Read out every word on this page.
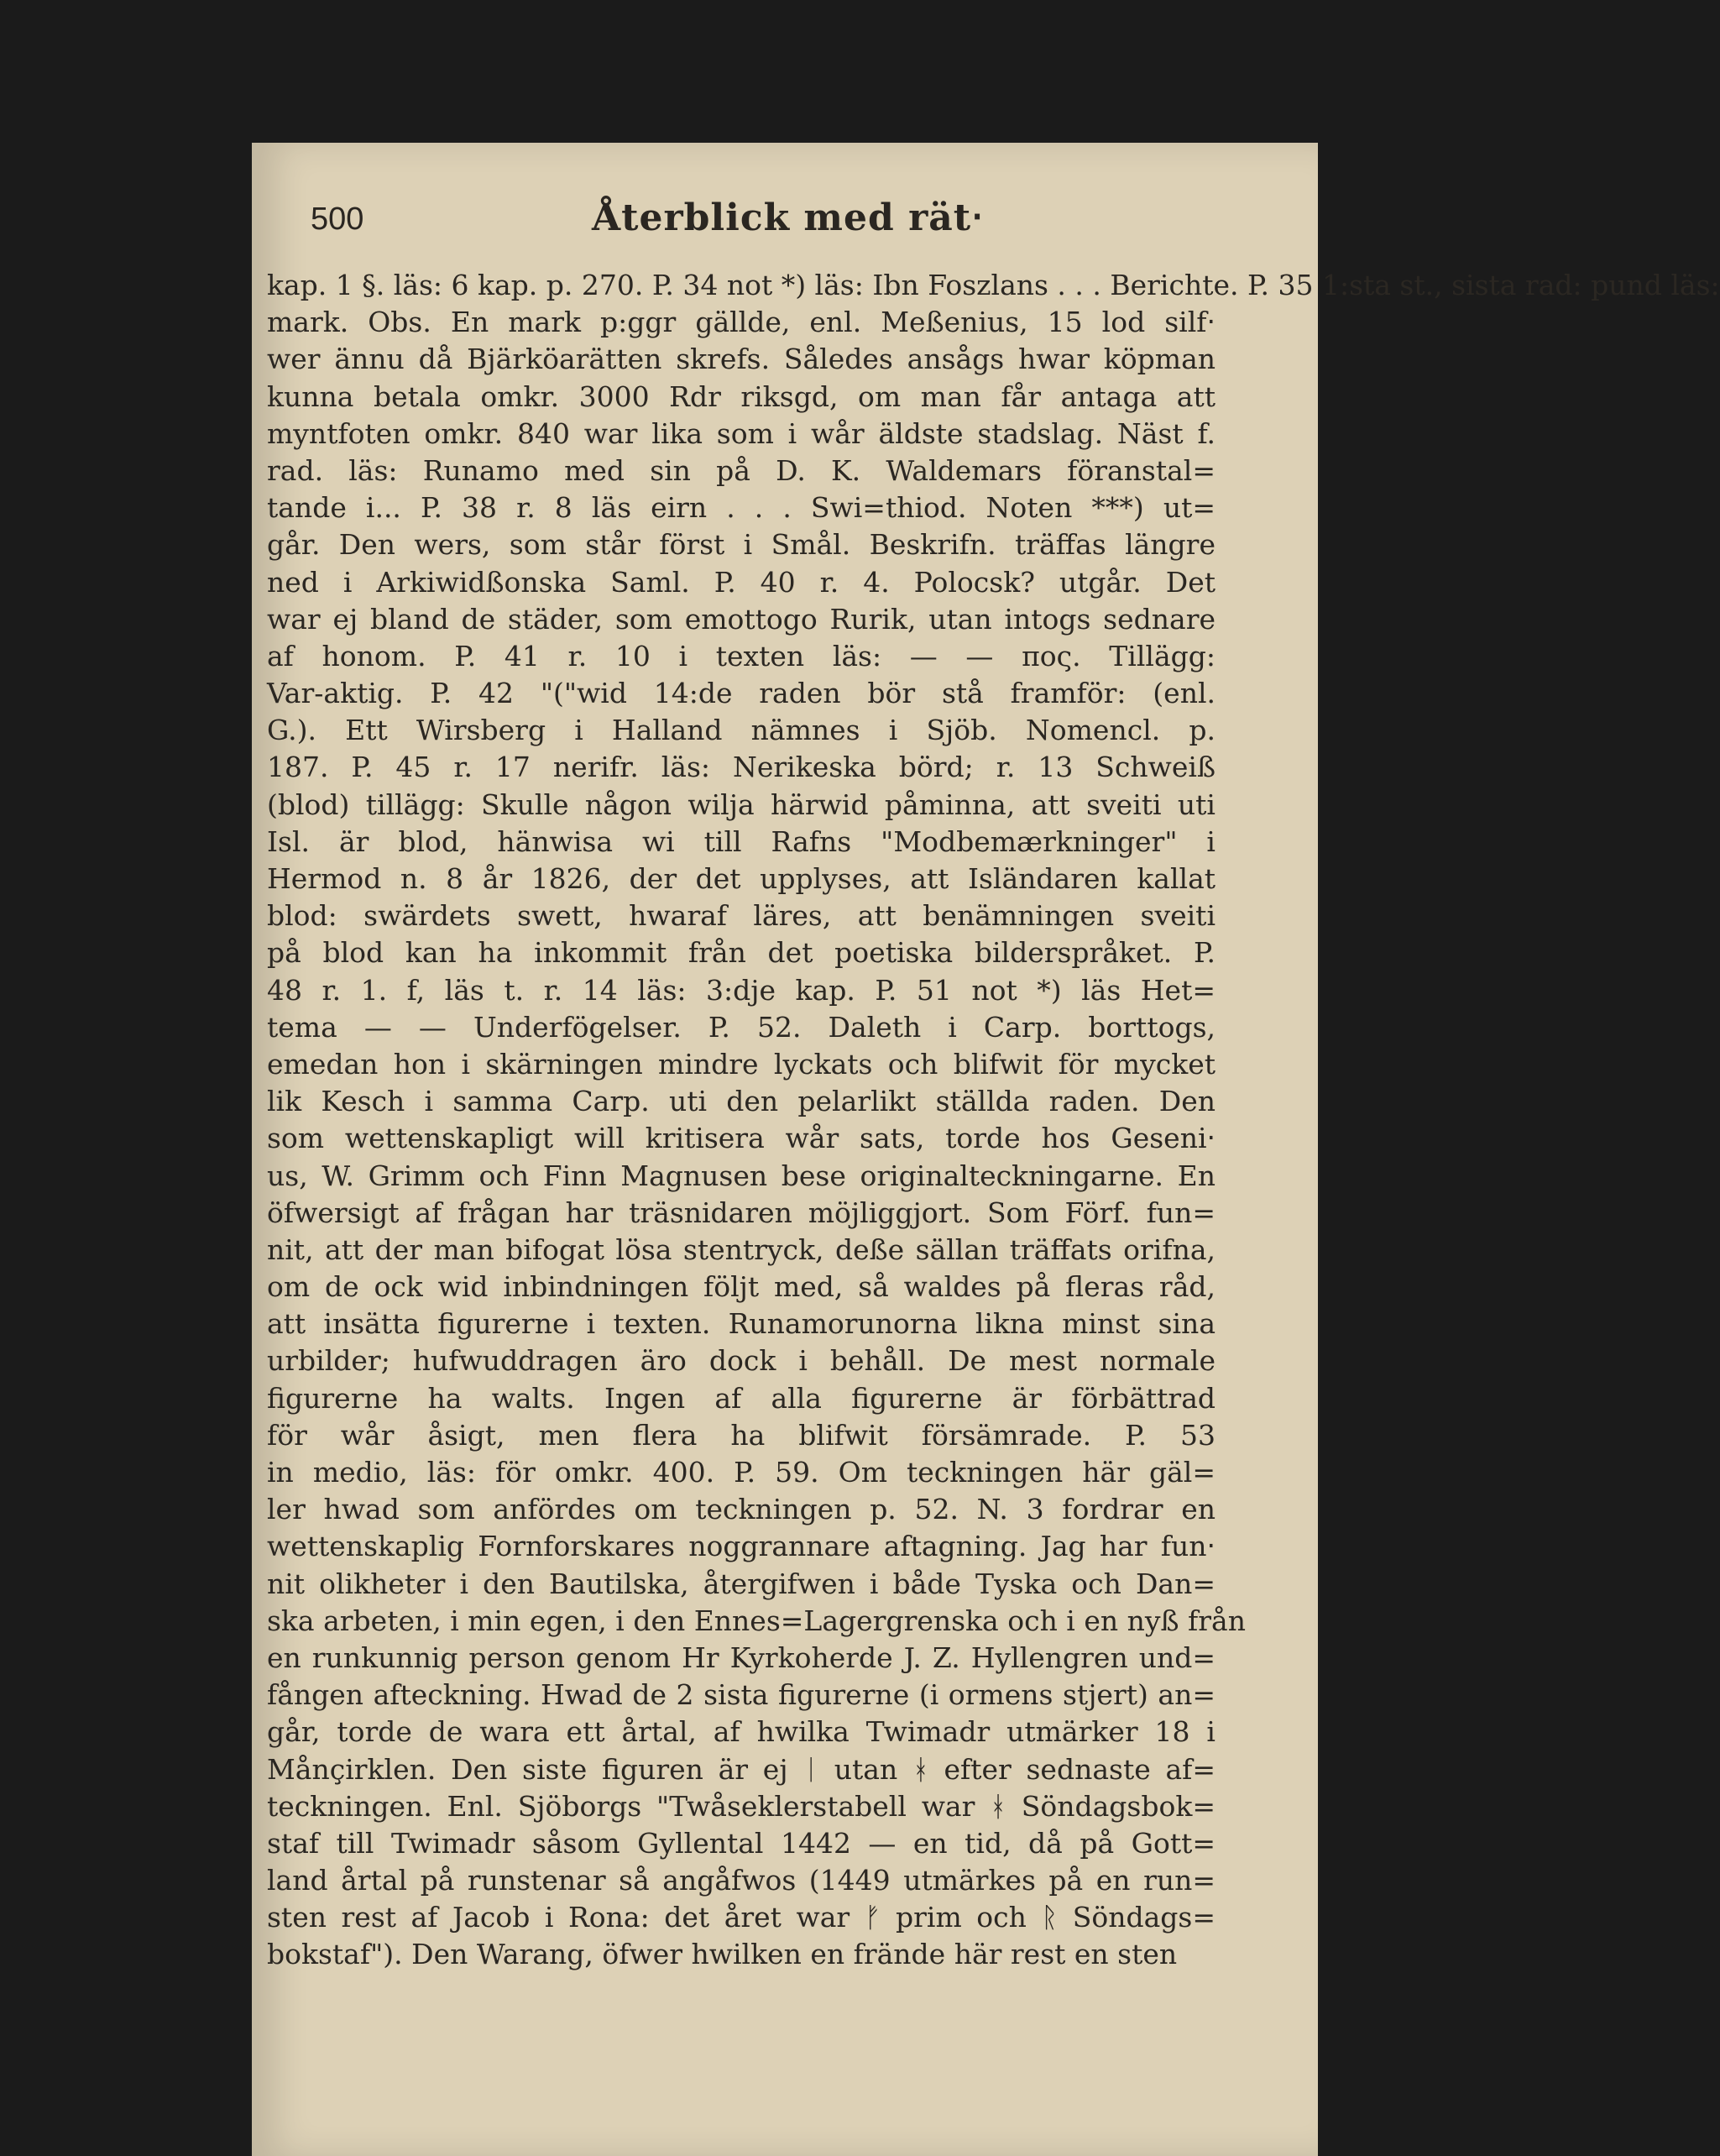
500	Återblick med rät‧
kap. 1 §. läs: 6 kap. p. 270. P. 34 not *) läs: Ibn Foszlans . . . Berichte. P. 35 1:sta st., sista rad: pund läs:
mark. Obs. En mark p:ggr gällde, enl. Meßenius, 15 lod silf‧
wer ännu då Bjärköarätten skrefs. Således ansågs hwar köpman
kunna betala omkr. 3000 Rdr riksgd, om man får antaga att
myntfoten omkr. 840 war lika som i wår äldste stadslag. Näst f.
rad. läs: Runamo med sin på D. K. Waldemars föranstal=
tande i... P. 38 r. 8 läs eirn . . . Swi=thiod. Noten ***) ut=
går. Den wers, som står först i Smål. Beskrifn. träffas längre
ned i Arkiwidßonska Saml. P. 40 r. 4. Polocsk? utgår. Det
war ej bland de städer, som emottogo Rurik, utan intogs sednare
af honom. P. 41 r. 10 i texten läs: — — πος. Tillägg:
Var-aktig. P. 42 "("wid 14:de raden bör stå framför: (enl.
G.). Ett Wirsberg i Halland nämnes i Sjöb. Nomencl. p.
187. P. 45 r. 17 nerifr. läs: Nerikeska börd; r. 13 Schweiß
(blod) tillägg: Skulle någon wilja härwid påminna, att sveiti uti
Isl. är blod, hänwisa wi till Rafns "Modbemærkninger" i
Hermod n. 8 år 1826, der det upplyses, att Isländaren kallat
blod: swärdets swett, hwaraf läres, att benämningen sveiti
på blod kan ha inkommit från det poetiska bilderspråket. P.
48 r. 1. f, läs t. r. 14 läs: 3:dje kap. P. 51 not *) läs Het=
tema — — Underfögelser. P. 52. Daleth i Carp. borttogs,
emedan hon i skärningen mindre lyckats och blifwit för mycket
lik Kesch i samma Carp. uti den pelarlikt ställda raden. Den
som wettenskapligt will kritisera wår sats, torde hos Geseni‧
us, W. Grimm och Finn Magnusen bese originalteckningarne. En
öfwersigt af frågan har träsnidaren möjliggjort. Som Förf. fun=
nit, att der man bifogat lösa stentryck, deße sällan träffats orifna,
om de ock wid inbindningen följt med, så waldes på fleras råd,
att insätta figurerne i texten. Runamorunorna likna minst sina
urbilder; hufwuddragen äro dock i behåll. De mest normale
figurerne ha walts. Ingen af alla figurerne är förbättrad
för wår åsigt, men flera ha blifwit försämrade. P. 53
in medio, läs: för omkr. 400. P. 59. Om teckningen här gäl=
ler hwad som anfördes om teckningen p. 52. N. 3 fordrar en
wettenskaplig Fornforskares noggrannare aftagning. Jag har fun‧
nit olikheter i den Bautilska, återgifwen i både Tyska och Dan=
ska arbeten, i min egen, i den Ennes=Lagergrenska och i en nyß från
en runkunnig person genom Hr Kyrkoherde J. Z. Hyllengren und=
fången afteckning. Hwad de 2 sista figurerne (i ormens stjert) an=
går, torde de wara ett årtal, af hwilka Twimadr utmärker 18 i
Månçirklen. Den siste figuren är ej ᛁ utan ᚼ efter sednaste af=
teckningen. Enl. Sjöborgs "Twåseklerstabell war ᚼ Söndagsbok=
staf till Twimadr såsom Gyllental 1442 — en tid, då på Gott=
land årtal på runstenar så angåfwos (1449 utmärkes på en run=
sten rest af Jacob i Rona: det året war ᚠ prim och ᚱ Söndags=
bokstaf"). Den Warang, öfwer hwilken en frände här rest en sten
